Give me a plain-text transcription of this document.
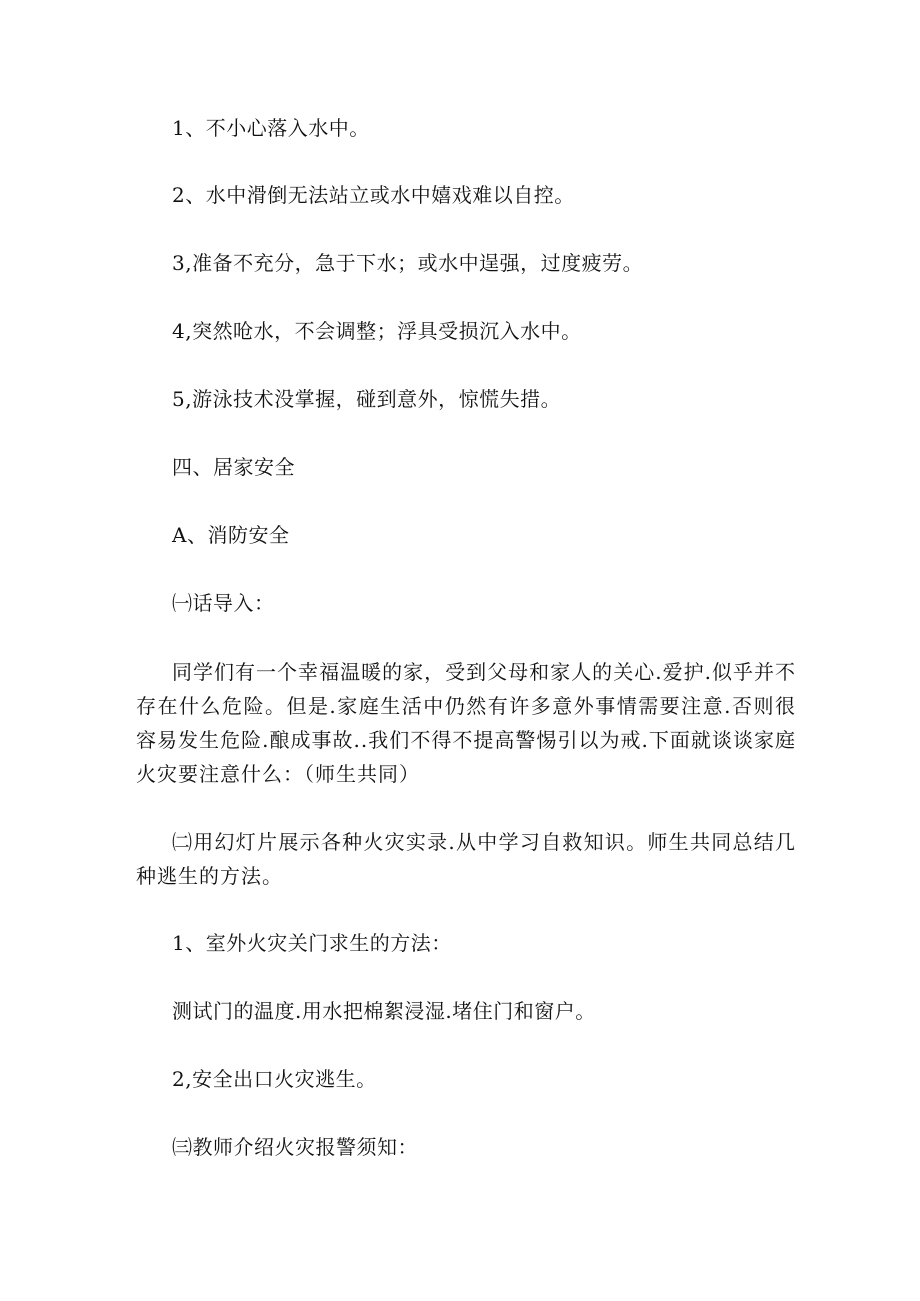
1、不小心落入水中。
2、水中滑倒无法站立或水中嬉戏难以自控。
3,准备不充分，急于下水；或水中逞强，过度疲劳。
4,突然呛水，不会调整；浮具受损沉入水中。
5,游泳技术没掌握，碰到意外，惊慌失措。
四、居家安全
A、消防安全
㈠话导入：
同学们有一个幸福温暖的家，受到父母和家人的关心.爱护.似乎并不存在什么危险。但是.家庭生活中仍然有许多意外事情需要注意.否则很容易发生危险.酿成事故..我们不得不提高警惕引以为戒.下面就谈谈家庭火灾要注意什么：（师生共同）
㈡用幻灯片展示各种火灾实录.从中学习自救知识。师生共同总结几种逃生的方法。
1、室外火灾关门求生的方法：
测试门的温度.用水把棉絮浸湿.堵住门和窗户。
2,安全出口火灾逃生。
㈢教师介绍火灾报警须知：
